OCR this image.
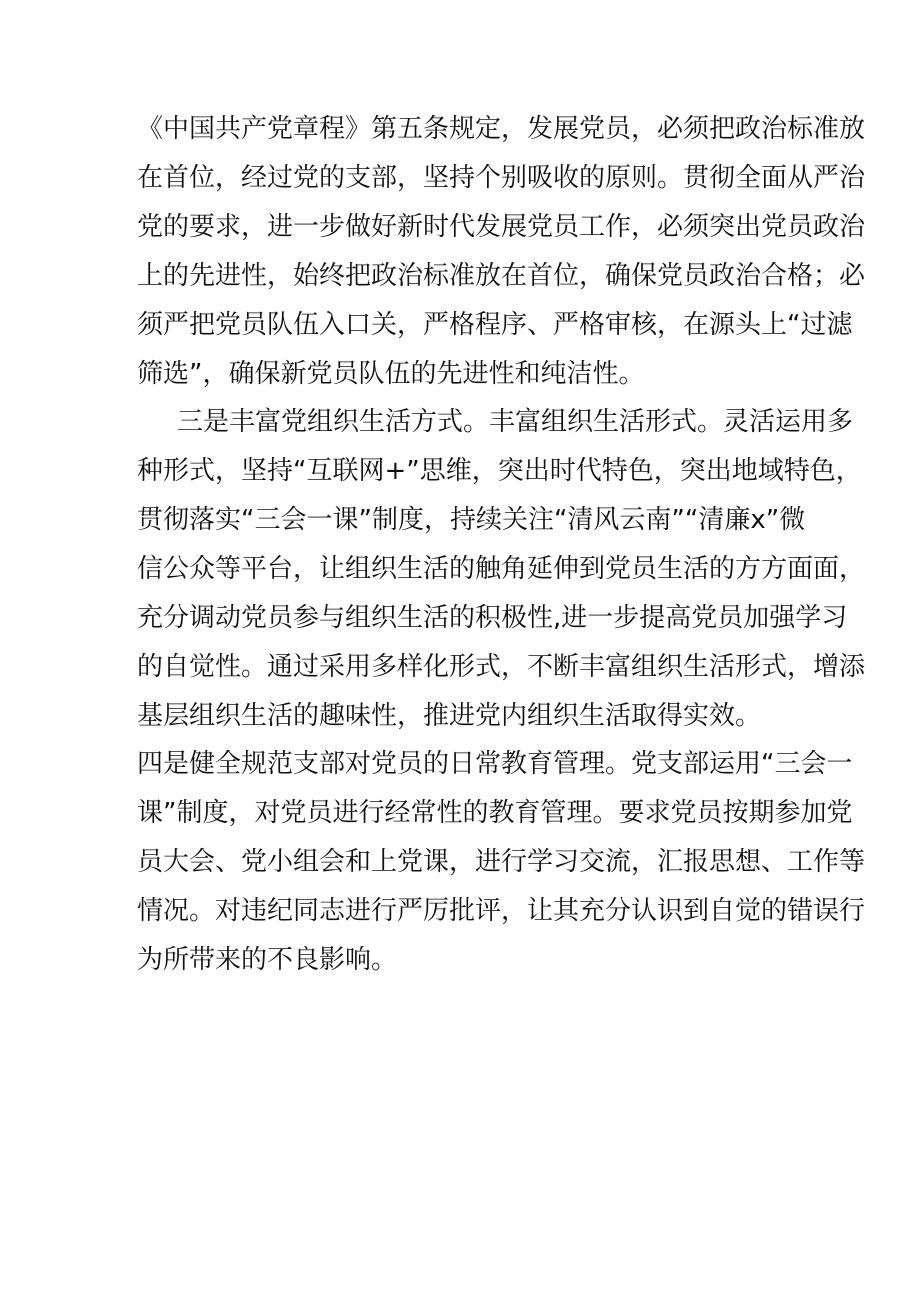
《中国共产党章程》第五条规定，发展党员，必须把政治标准放
在首位，经过党的支部，坚持个别吸收的原则。贯彻全面从严治
党的要求，进一步做好新时代发展党员工作，必须突出党员政治
上的先进性，始终把政治标准放在首位，确保党员政治合格；必
须严把党员队伍入口关，严格程序、严格审核，在源头上“过滤
筛选”，确保新党员队伍的先进性和纯洁性。
三是丰富党组织生活方式。丰富组织生活形式。灵活运用多
种形式，坚持“互联网+”思维，突出时代特色，突出地域特色，
贯彻落实“三会一课”制度，持续关注“清风云南”“清廉x”微
信公众等平台，让组织生活的触角延伸到党员生活的方方面面，
充分调动党员参与组织生活的积极性,进一步提高党员加强学习
的自觉性。通过采用多样化形式，不断丰富组织生活形式，增添
基层组织生活的趣味性，推进党内组织生活取得实效。
四是健全规范支部对党员的日常教育管理。党支部运用“三会一
课”制度，对党员进行经常性的教育管理。要求党员按期参加党
员大会、党小组会和上党课，进行学习交流，汇报思想、工作等
情况。对违纪同志进行严厉批评，让其充分认识到自觉的错误行
为所带来的不良影响。
